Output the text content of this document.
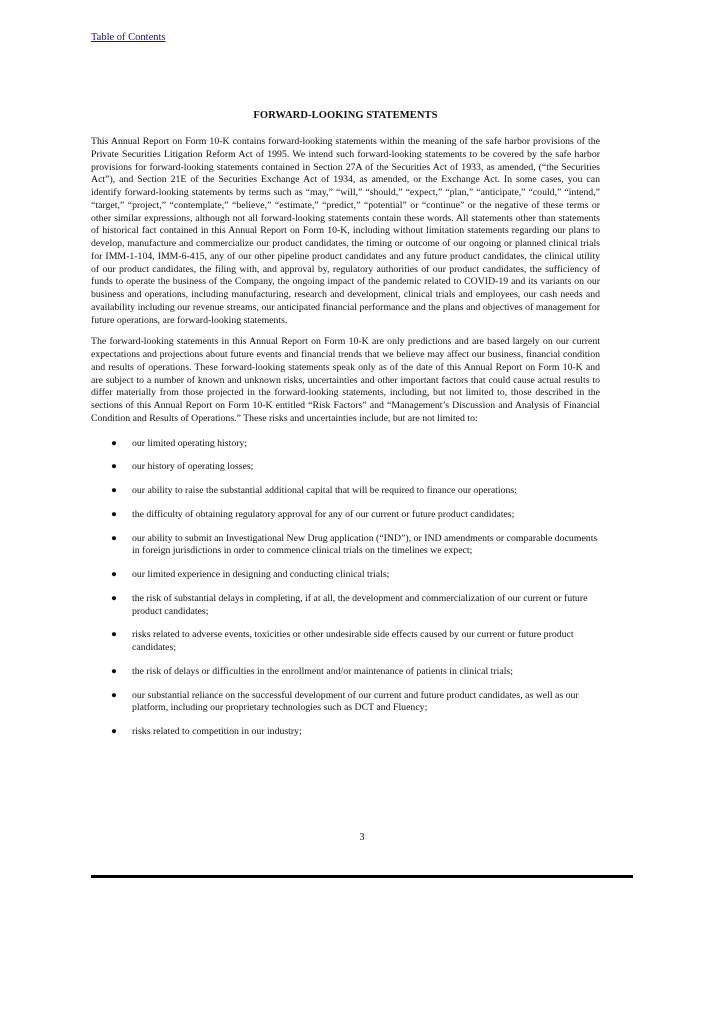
Table of Contents
FORWARD-LOOKING STATEMENTS

This Annual Report on Form 10-K contains forward-looking statements within the meaning of the safe harbor provisions of the Private Securities Litigation Reform Act of 1995. We intend such forward-looking statements to be covered by the safe harbor provisions for forward-looking statements contained in Section 27A of the Securities Act of 1933, as amended, (“the Securities Act”), and Section 21E of the Securities Exchange Act of 1934, as amended, or the Exchange Act. In some cases, you can identify forward-looking statements by terms such as “may,” “will,” “should,” “expect,” “plan,” “anticipate,” “could,” “intend,” “target,” “project,” “contemplate,” “believe,” “estimate,” “predict,” “potential” or “continue” or the negative of these terms or other similar expressions, although not all forward-looking statements contain these words. All statements other than statements of historical fact contained in this Annual Report on Form 10-K, including without limitation statements regarding our plans to develop, manufacture and commercialize our product candidates, the timing or outcome of our ongoing or planned clinical trials for IMM-1-104, IMM-6-415, any of our other pipeline product candidates and any future product candidates, the clinical utility of our product candidates, the filing with, and approval by, regulatory authorities of our product candidates, the sufficiency of funds to operate the business of the Company, the ongoing impact of the pandemic related to COVID-19 and its variants on our business and operations, including manufacturing, research and development, clinical trials and employees, our cash needs and availability including our revenue streams, our anticipated financial performance and the plans and objectives of management for future operations, are forward-looking statements.

The forward-looking statements in this Annual Report on Form 10-K are only predictions and are based largely on our current expectations and projections about future events and financial trends that we believe may affect our business, financial condition and results of operations. These forward-looking statements speak only as of the date of this Annual Report on Form 10-K and are subject to a number of known and unknown risks, uncertainties and other important factors that could cause actual results to differ materially from those projected in the forward-looking statements, including, but not limited to, those described in the sections of this Annual Report on Form 10-K entitled “Risk Factors” and “Management’s Discussion and Analysis of Financial Condition and Results of Operations.” These risks and uncertainties include, but are not limited to:

● our limited operating history;
● our history of operating losses;
● our ability to raise the substantial additional capital that will be required to finance our operations;
● the difficulty of obtaining regulatory approval for any of our current or future product candidates;
● our ability to submit an Investigational New Drug application (“IND”), or IND amendments or comparable documents in foreign jurisdictions in order to commence clinical trials on the timelines we expect;
● our limited experience in designing and conducting clinical trials;
● the risk of substantial delays in completing, if at all, the development and commercialization of our current or future product candidates;
● risks related to adverse events, toxicities or other undesirable side effects caused by our current or future product candidates;
● the risk of delays or difficulties in the enrollment and/or maintenance of patients in clinical trials;
● our substantial reliance on the successful development of our current and future product candidates, as well as our platform, including our proprietary technologies such as DCT and Fluency;
● risks related to competition in our industry;
3
